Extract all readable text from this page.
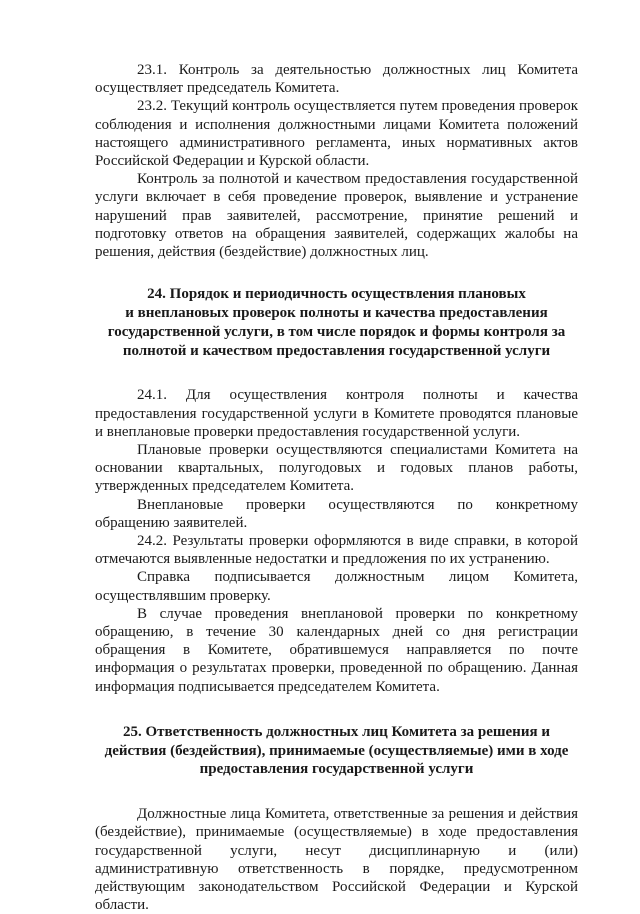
23.1. Контроль за деятельностью должностных лиц Комитета осуществляет председатель Комитета.

23.2. Текущий контроль осуществляется путем проведения проверок соблюдения и исполнения должностными лицами Комитета положений настоящего административного регламента, иных нормативных актов Российской Федерации и Курской области.

Контроль за полнотой и качеством предоставления государственной услуги включает в себя проведение проверок, выявление и устранение нарушений прав заявителей, рассмотрение, принятие решений и подготовку ответов на обращения заявителей, содержащих жалобы на решения, действия (бездействие) должностных лиц.

24. Порядок и периодичность осуществления плановых
и внеплановых проверок полноты и качества предоставления
государственной услуги, в том числе порядок и формы контроля за
полнотой и качеством предоставления государственной услуги

24.1. Для осуществления контроля полноты и качества предоставления государственной услуги в Комитете проводятся плановые и внеплановые проверки предоставления государственной услуги.

Плановые проверки осуществляются специалистами Комитета на основании квартальных, полугодовых и годовых планов работы, утвержденных председателем Комитета.

Внеплановые проверки осуществляются по конкретному обращению заявителей.

24.2. Результаты проверки оформляются в виде справки, в которой отмечаются выявленные недостатки и предложения по их устранению.

Справка подписывается должностным лицом Комитета, осуществлявшим проверку.

В случае проведения внеплановой проверки по конкретному обращению, в течение 30 календарных дней со дня регистрации обращения в Комитете, обратившемуся направляется по почте информация о результатах проверки, проведенной по обращению. Данная информация подписывается председателем Комитета.

25. Ответственность должностных лиц Комитета за решения и
действия (бездействия), принимаемые (осуществляемые) ими в ходе
предоставления государственной услуги

Должностные лица Комитета, ответственные за решения и действия (бездействие), принимаемые (осуществляемые) в ходе предоставления государственной услуги, несут дисциплинарную и (или) административную ответственность в порядке, предусмотренном действующим законодательством Российской Федерации и Курской области.
